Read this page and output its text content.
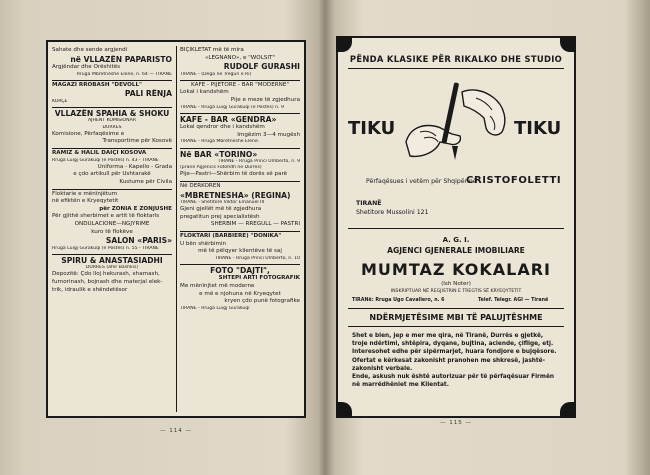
Sahate dhe sende argjendi
në VLLAZËN PAPARISTO
Argjëndar dhe Orëshitës
Rruga Mbretneshe Elene, n. 64 — TIRANË
MAGAZI RROBASH "DEVOLL"
PALI RËNJA
KORÇË
VLLAZËN SPAHIA & SHOKU
AJHENT KOMISIONAR
DURRËS
Komisione, Përfaqësime e
Transportime për Kosovë
RAMIZ & HALIL DAIÇI KOSOVA
Rruga Luigj Gurakuqi (e Postës) n. 43 - TIRANË
Uniforma - Kapello - Grada
e çdo artikull për Ushtarakë
Kustume për Civila
Floktarie e mënïnjëtum
në efiktën e Kryeqytetit
për ZONIA E ZONJUSHE
Për gjithë sherbimet e artit të floktarls
ONDULACIONE—NGJYRIME
kuro të flokëve
SALON «PARIS»
Rruga Luigj Gurakuqi (e Postës) n. 55 - TIRANË
SPIRU & ANASTASIADHI
DURRËS (afër Bashkis)
Depozitë: Çdo lloj hekurash, xhamash,
furnorinash, bojnash dhe materjal elek-
trik, idraulik e shëndetësor
BIÇIKLETAT më të mira
«LEGNANO», e "WOLSIT"
RUDOLF GURASHI
TIRANË - (Dega në Tregun e Ri)
KAFE - PIJETORE - BAR "MODERNE"
Lokal i kandshëm
Pije e meze të zgjedhura
TIRANË - Rruga Luigj Gurakuqi (e Postës) n. 9
KAFE - BAR «GENDRA»
Lokal qendror dhe i kandshëm
Imgëzim 3—4 mugësh
TIRANË - Rruga Mbretneshe Elene.
Në BAR «TORINO»
TIRANË - Rruga Princi Umberto, n. 9
(pranë Agjencis Fotohdh në Durrës)
Pije—Pastri—Shërbim të dorës së parë
Në DËRKOREN
«MBRETNESHA» (REGINA)
TIRANË - Shetitore Viktor Emanuel III
Gjeni gjellët më të zgjedhura
pregatitun prej specialistësh
SHËRBIM — RREGULL — PASTRI
FLOKTARI (BARBIERE) "DONIKA"
U bën shërbimin
më të pëlqyer klientëve të saj
TIRANË - Rruga Princi Umberto, n. 10
FOTO "DAJTI",
SHTËPI ARTI FOTOGRAFIK
Me mënïnjtet më moderne
e më e njohuna në Kryeqytet
kryen çdo punë fotografike
TIRANË - Rruga Luigj Gurakuqi
— 114 —
PËNDA KLASIKE PËR RIKALKO DHE STUDIO
TIKU	TIKU
Përfaqësues i vetëm për Shqipërinë
CRISTOFOLETTI
TIRANË
Shetitore Mussolini 121
A. G. I.
AGJENCI GJENERALE IMOBILIARE
MUMTAZ KOKALARI
(Ish Noter)
INSKRIPTUAR NË REGJISTRIN E TREGTIS SË KRYEQYTETIT
TIRANë: Rruga Ugo Cavallero, n. 6	Telef. Telegr. AGI — Tiranë
NDËRMJETËSIME MBI TË PALUJTËSHME
Shet e blen, jep e mer me qira, në Tiranë, Durrës e gjetkë,
troje ndërtimi, shtëpira, dyqane, bujtina, aciende, çiflige, etj.
Interesohet edhe për sipërmarjet, huara fondjore e bujqësore.
Ofertat e kërkesat zakonisht pranohen me shkresë, jashtë-
zakonisht verbale.
Ende, askush nuk është autorizuar për të përfaqësuar Firmën
në marrëdhëniet me Klientat.
— 115 —
